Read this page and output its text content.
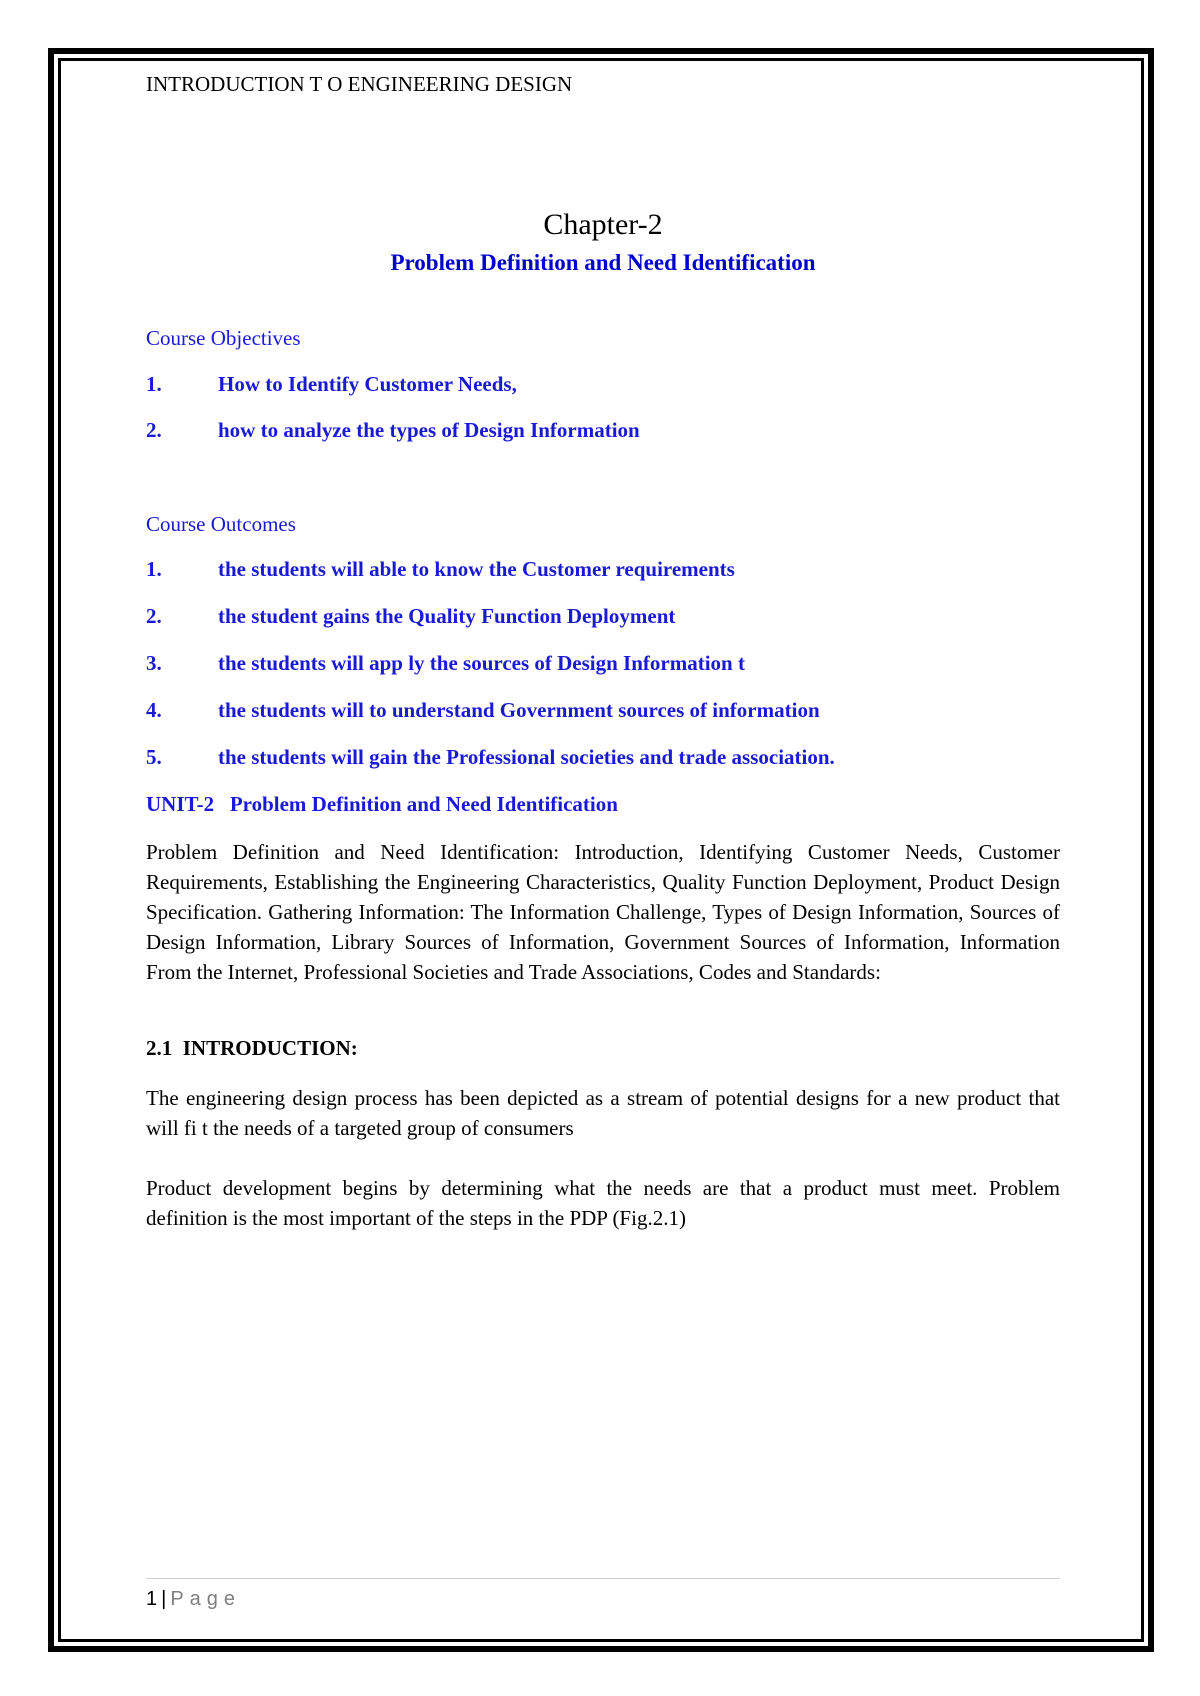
INTRODUCTION T O ENGINEERING DESIGN
Chapter-2
Problem Definition and Need Identification
Course Objectives
1.	How to Identify Customer Needs,
2.	how to analyze the types of Design Information
Course Outcomes
1.	the students will able to know the Customer requirements
2.	the student gains the Quality Function Deployment
3.	the students will app ly the sources of Design Information t
4.	the students will to understand Government sources of information
5.	the students will gain the Professional societies and trade association.
UNIT-2   Problem Definition and Need Identification
Problem Definition and Need Identification: Introduction, Identifying Customer Needs, Customer Requirements, Establishing the Engineering Characteristics, Quality Function Deployment, Product Design Specification. Gathering Information: The Information Challenge, Types of Design Information, Sources of Design Information, Library Sources of Information, Government Sources of Information, Information From the Internet, Professional Societies and Trade Associations, Codes and Standards:
2.1  INTRODUCTION:
The engineering design process has been depicted as a stream of potential designs for a new product that will fi t the needs of a targeted group of consumers
Product development begins by determining what the needs are that a product must meet. Problem definition is the most important of the steps in the PDP (Fig.2.1)
1 | Page
